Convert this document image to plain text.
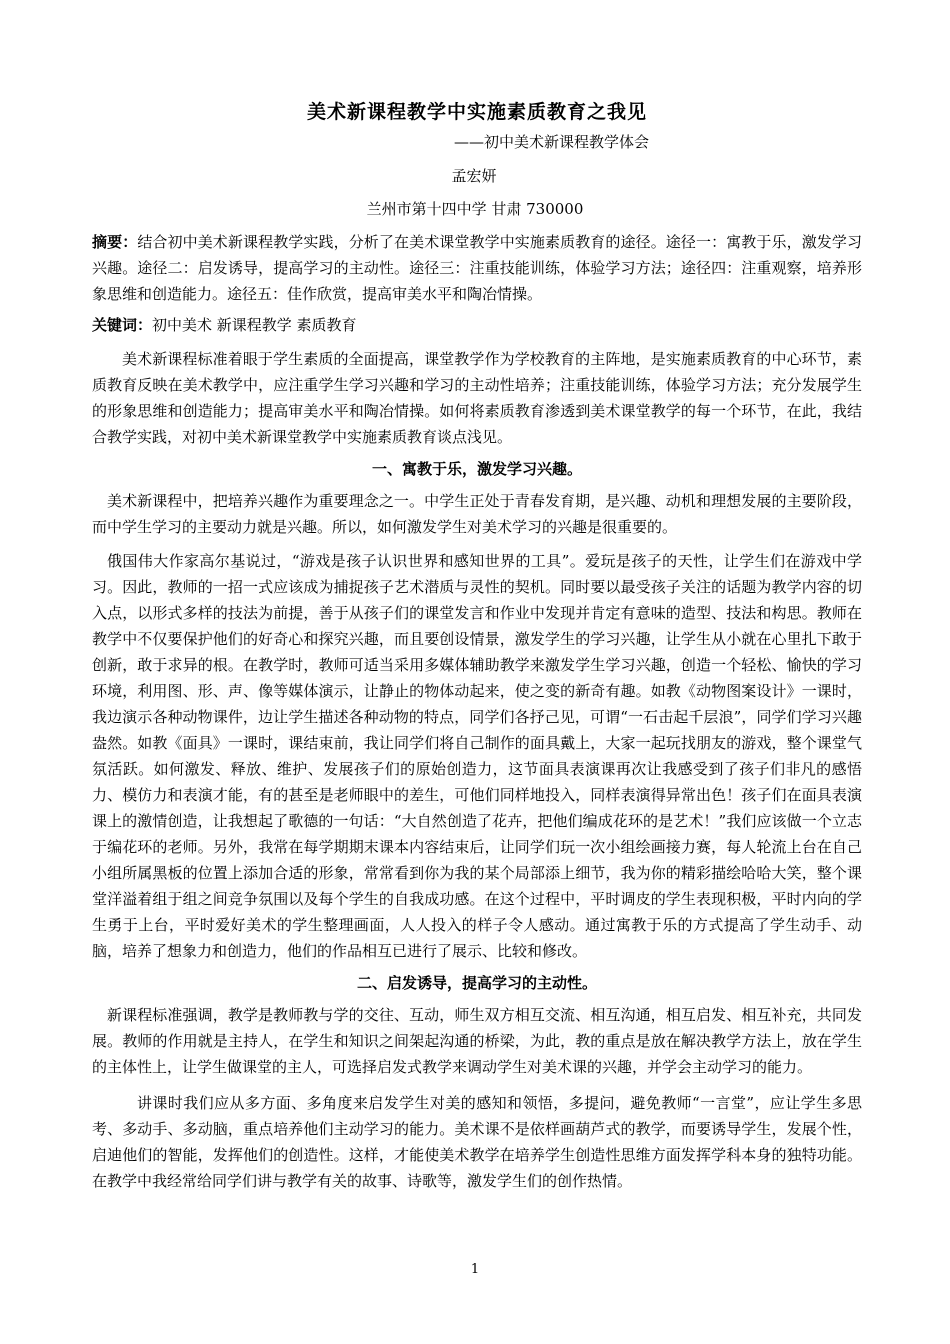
美术新课程教学中实施素质教育之我见

——初中美术新课程教学体会

孟宏妍

兰州市第十四中学 甘肃 730000

摘要：结合初中美术新课程教学实践，分析了在美术课堂教学中实施素质教育的途径。途径一：寓教于乐，激发学习兴趣。途径二：启发诱导，提高学习的主动性。途径三：注重技能训练，体验学习方法；途径四：注重观察，培养形象思维和创造能力。途径五：佳作欣赏，提高审美水平和陶冶情操。

关键词：初中美术 新课程教学 素质教育

美术新课程标准着眼于学生素质的全面提高，课堂教学作为学校教育的主阵地，是实施素质教育的中心环节，素质教育反映在美术教学中，应注重学生学习兴趣和学习的主动性培养；注重技能训练，体验学习方法；充分发展学生的形象思维和创造能力；提高审美水平和陶冶情操。如何将素质教育渗透到美术课堂教学的每一个环节，在此，我结合教学实践，对初中美术新课堂教学中实施素质教育谈点浅见。

一、寓教于乐，激发学习兴趣。

美术新课程中，把培养兴趣作为重要理念之一。中学生正处于青春发育期，是兴趣、动机和理想发展的主要阶段，而中学生学习的主要动力就是兴趣。所以，如何激发学生对美术学习的兴趣是很重要的。

俄国伟大作家高尔基说过，“游戏是孩子认识世界和感知世界的工具”。爱玩是孩子的天性，让学生们在游戏中学习。因此，教师的一招一式应该成为捕捉孩子艺术潜质与灵性的契机。同时要以最受孩子关注的话题为教学内容的切入点，以形式多样的技法为前提，善于从孩子们的课堂发言和作业中发现并肯定有意味的造型、技法和构思。教师在教学中不仅要保护他们的好奇心和探究兴趣，而且要创设情景，激发学生的学习兴趣，让学生从小就在心里扎下敢于创新，敢于求异的根。在教学时，教师可适当采用多媒体辅助教学来激发学生学习兴趣，创造一个轻松、愉快的学习环境，利用图、形、声、像等媒体演示，让静止的物体动起来，使之变的新奇有趣。如教《动物图案设计》一课时，我边演示各种动物课件，边让学生描述各种动物的特点，同学们各抒己见，可谓“一石击起千层浪”，同学们学习兴趣盎然。如教《面具》一课时，课结束前，我让同学们将自己制作的面具戴上，大家一起玩找朋友的游戏，整个课堂气氛活跃。如何激发、释放、维护、发展孩子们的原始创造力，这节面具表演课再次让我感受到了孩子们非凡的感悟力、模仿力和表演才能，有的甚至是老师眼中的差生，可他们同样地投入，同样表演得异常出色！孩子们在面具表演课上的激情创造，让我想起了歌德的一句话：“大自然创造了花卉，把他们编成花环的是艺术！”我们应该做一个立志于编花环的老师。另外，我常在每学期期末课本内容结束后，让同学们玩一次小组绘画接力赛，每人轮流上台在自己小组所属黑板的位置上添加合适的形象，常常看到你为我的某个局部添上细节，我为你的精彩描绘哈哈大笑，整个课堂洋溢着组于组之间竞争氛围以及每个学生的自我成功感。在这个过程中，平时调皮的学生表现积极，平时内向的学生勇于上台，平时爱好美术的学生整理画面，人人投入的样子令人感动。通过寓教于乐的方式提高了学生动手、动脑，培养了想象力和创造力，他们的作品相互已进行了展示、比较和修改。

二、启发诱导，提高学习的主动性。

新课程标准强调，教学是教师教与学的交往、互动，师生双方相互交流、相互沟通，相互启发、相互补充，共同发展。教师的作用就是主持人，在学生和知识之间架起沟通的桥梁，为此，教的重点是放在解决教学方法上，放在学生的主体性上，让学生做课堂的主人，可选择启发式教学来调动学生对美术课的兴趣，并学会主动学习的能力。

讲课时我们应从多方面、多角度来启发学生对美的感知和领悟，多提问，避免教师“一言堂”，应让学生多思考、多动手、多动脑，重点培养他们主动学习的能力。美术课不是依样画葫芦式的教学，而要诱导学生，发展个性，启迪他们的智能，发挥他们的创造性。这样，才能使美术教学在培养学生创造性思维方面发挥学科本身的独特功能。在教学中我经常给同学们讲与教学有关的故事、诗歌等，激发学生们的创作热情。

1
